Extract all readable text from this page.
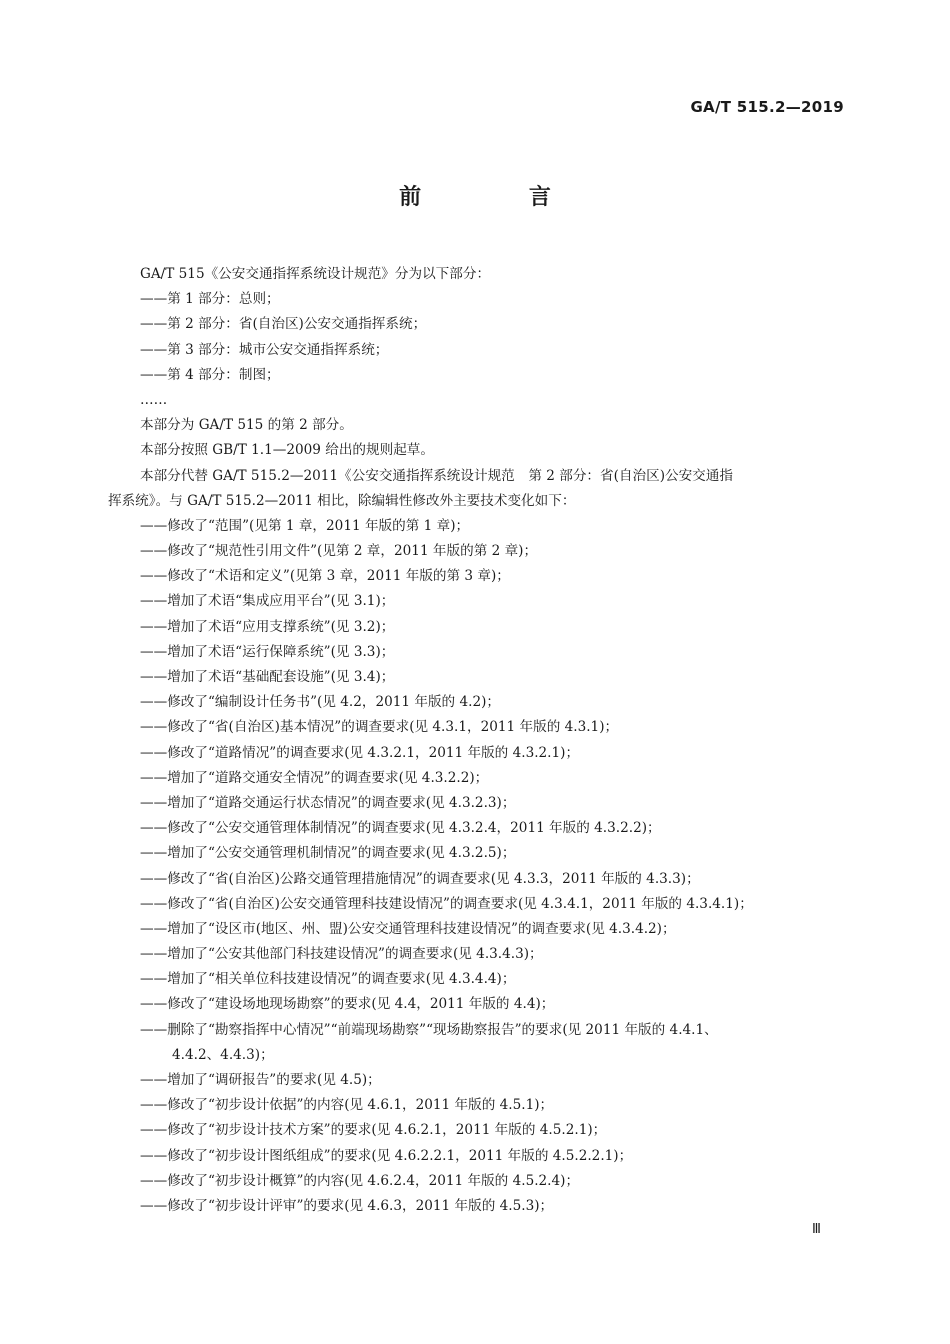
GA/T 515.2—2019
前 言
GA/T 515《公安交通指挥系统设计规范》分为以下部分：
——第 1 部分：总则；
——第 2 部分：省(自治区)公安交通指挥系统；
——第 3 部分：城市公安交通指挥系统；
——第 4 部分：制图；
……
本部分为 GA/T 515 的第 2 部分。
本部分按照 GB/T 1.1—2009 给出的规则起草。
本部分代替 GA/T 515.2—2011《公安交通指挥系统设计规范　第 2 部分：省(自治区)公安交通指
挥系统》。与 GA/T 515.2—2011 相比，除编辑性修改外主要技术变化如下：
——修改了“范围”(见第 1 章，2011 年版的第 1 章)；
——修改了“规范性引用文件”(见第 2 章，2011 年版的第 2 章)；
——修改了“术语和定义”(见第 3 章，2011 年版的第 3 章)；
——增加了术语“集成应用平台”(见 3.1)；
——增加了术语“应用支撑系统”(见 3.2)；
——增加了术语“运行保障系统”(见 3.3)；
——增加了术语“基础配套设施”(见 3.4)；
——修改了“编制设计任务书”(见 4.2，2011 年版的 4.2)；
——修改了“省(自治区)基本情况”的调查要求(见 4.3.1，2011 年版的 4.3.1)；
——修改了“道路情况”的调查要求(见 4.3.2.1，2011 年版的 4.3.2.1)；
——增加了“道路交通安全情况”的调查要求(见 4.3.2.2)；
——增加了“道路交通运行状态情况”的调查要求(见 4.3.2.3)；
——修改了“公安交通管理体制情况”的调查要求(见 4.3.2.4，2011 年版的 4.3.2.2)；
——增加了“公安交通管理机制情况”的调查要求(见 4.3.2.5)；
——修改了“省(自治区)公路交通管理措施情况”的调查要求(见 4.3.3，2011 年版的 4.3.3)；
——修改了“省(自治区)公安交通管理科技建设情况”的调查要求(见 4.3.4.1，2011 年版的 4.3.4.1)；
——增加了“设区市(地区、州、盟)公安交通管理科技建设情况”的调查要求(见 4.3.4.2)；
——增加了“公安其他部门科技建设情况”的调查要求(见 4.3.4.3)；
——增加了“相关单位科技建设情况”的调查要求(见 4.3.4.4)；
——修改了“建设场地现场勘察”的要求(见 4.4，2011 年版的 4.4)；
——删除了“勘察指挥中心情况”“前端现场勘察”“现场勘察报告”的要求(见 2011 年版的 4.4.1、
4.4.2、4.4.3)；
——增加了“调研报告”的要求(见 4.5)；
——修改了“初步设计依据”的内容(见 4.6.1，2011 年版的 4.5.1)；
——修改了“初步设计技术方案”的要求(见 4.6.2.1，2011 年版的 4.5.2.1)；
——修改了“初步设计图纸组成”的要求(见 4.6.2.2.1，2011 年版的 4.5.2.2.1)；
——修改了“初步设计概算”的内容(见 4.6.2.4，2011 年版的 4.5.2.4)；
——修改了“初步设计评审”的要求(见 4.6.3，2011 年版的 4.5.3)；
Ⅲ
